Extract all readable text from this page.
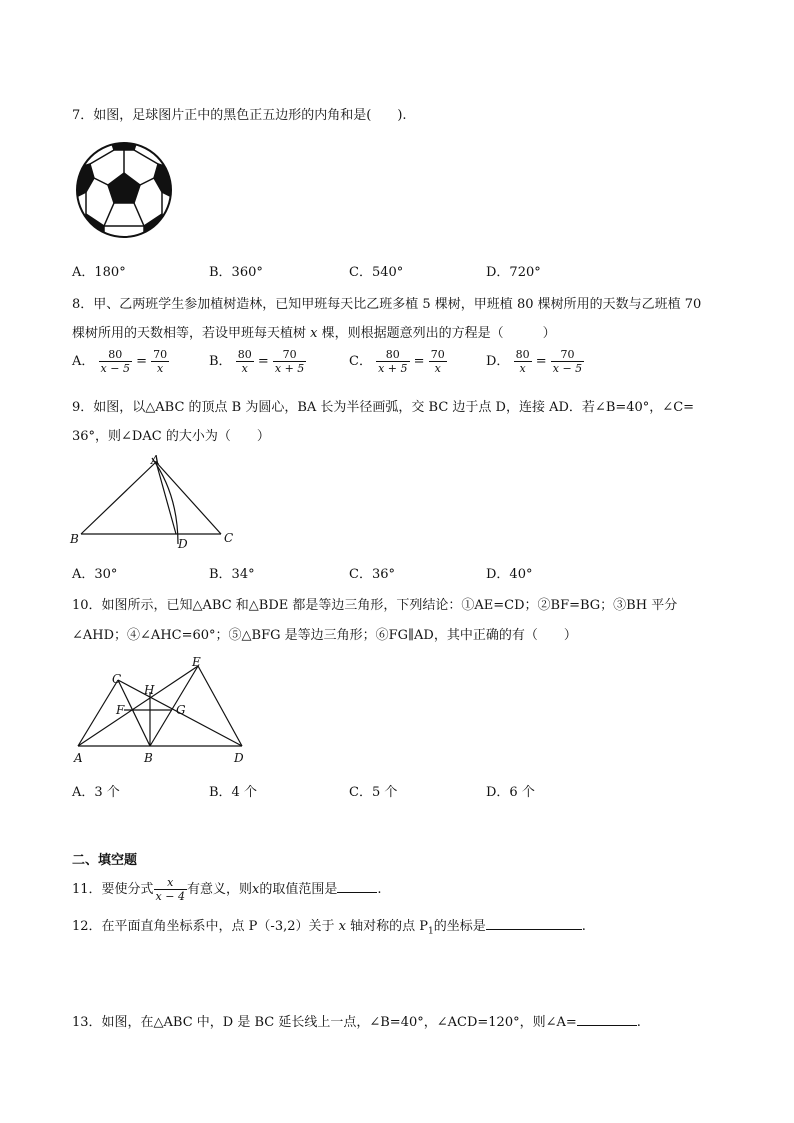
7．如图，足球图片正中的黑色正五边形的内角和是(　　).
A．180°	B．360°	C．540°	D．720°
8．甲、乙两班学生参加植树造林，已知甲班每天比乙班多植 5 棵树，甲班植 80 棵树所用的天数与乙班植 70
棵树所用的天数相等，若设甲班每天植树 x 棵，则根据题意列出的方程是（　　　）
A． $\frac{80}{x - 5} = \frac{70}{x}$	B． $\frac{80}{x} = \frac{70}{x + 5}$	C． $\frac{80}{x + 5} = \frac{70}{x}$	D． $\frac{80}{x} = \frac{70}{x - 5}$
9．如图，以△ABC 的顶点 B 为圆心，BA 长为半径画弧，交 BC 边于点 D，连接 AD．若∠B=40°，∠C=
36°，则∠DAC 的大小为（　　）
A
B	C
D
A．30°	B．34°	C．36°	D．40°
10．如图所示，已知△ABC 和△BDE 都是等边三角形，下列结论：①AE=CD；②BF=BG；③BH 平分
∠AHD；④∠AHC=60°；⑤△BFG 是等边三角形；⑥FG∥AD，其中正确的有（　　）
A	B
C
D
E
F	G
H
A．3 个	B．4 个	C．5 个	D．6 个
二、填空题
11．要使分式 $\frac{x}{x - 4}$ 有意义，则x的取值范围是	.
12．在平面直角坐标系中，点 P（-3,2）关于 x 轴对称的点 $P_1$的坐标是	.
13．如图，在△ABC 中，D 是 BC 延长线上一点，∠B=40°，∠ACD=120°，则∠A=	.
